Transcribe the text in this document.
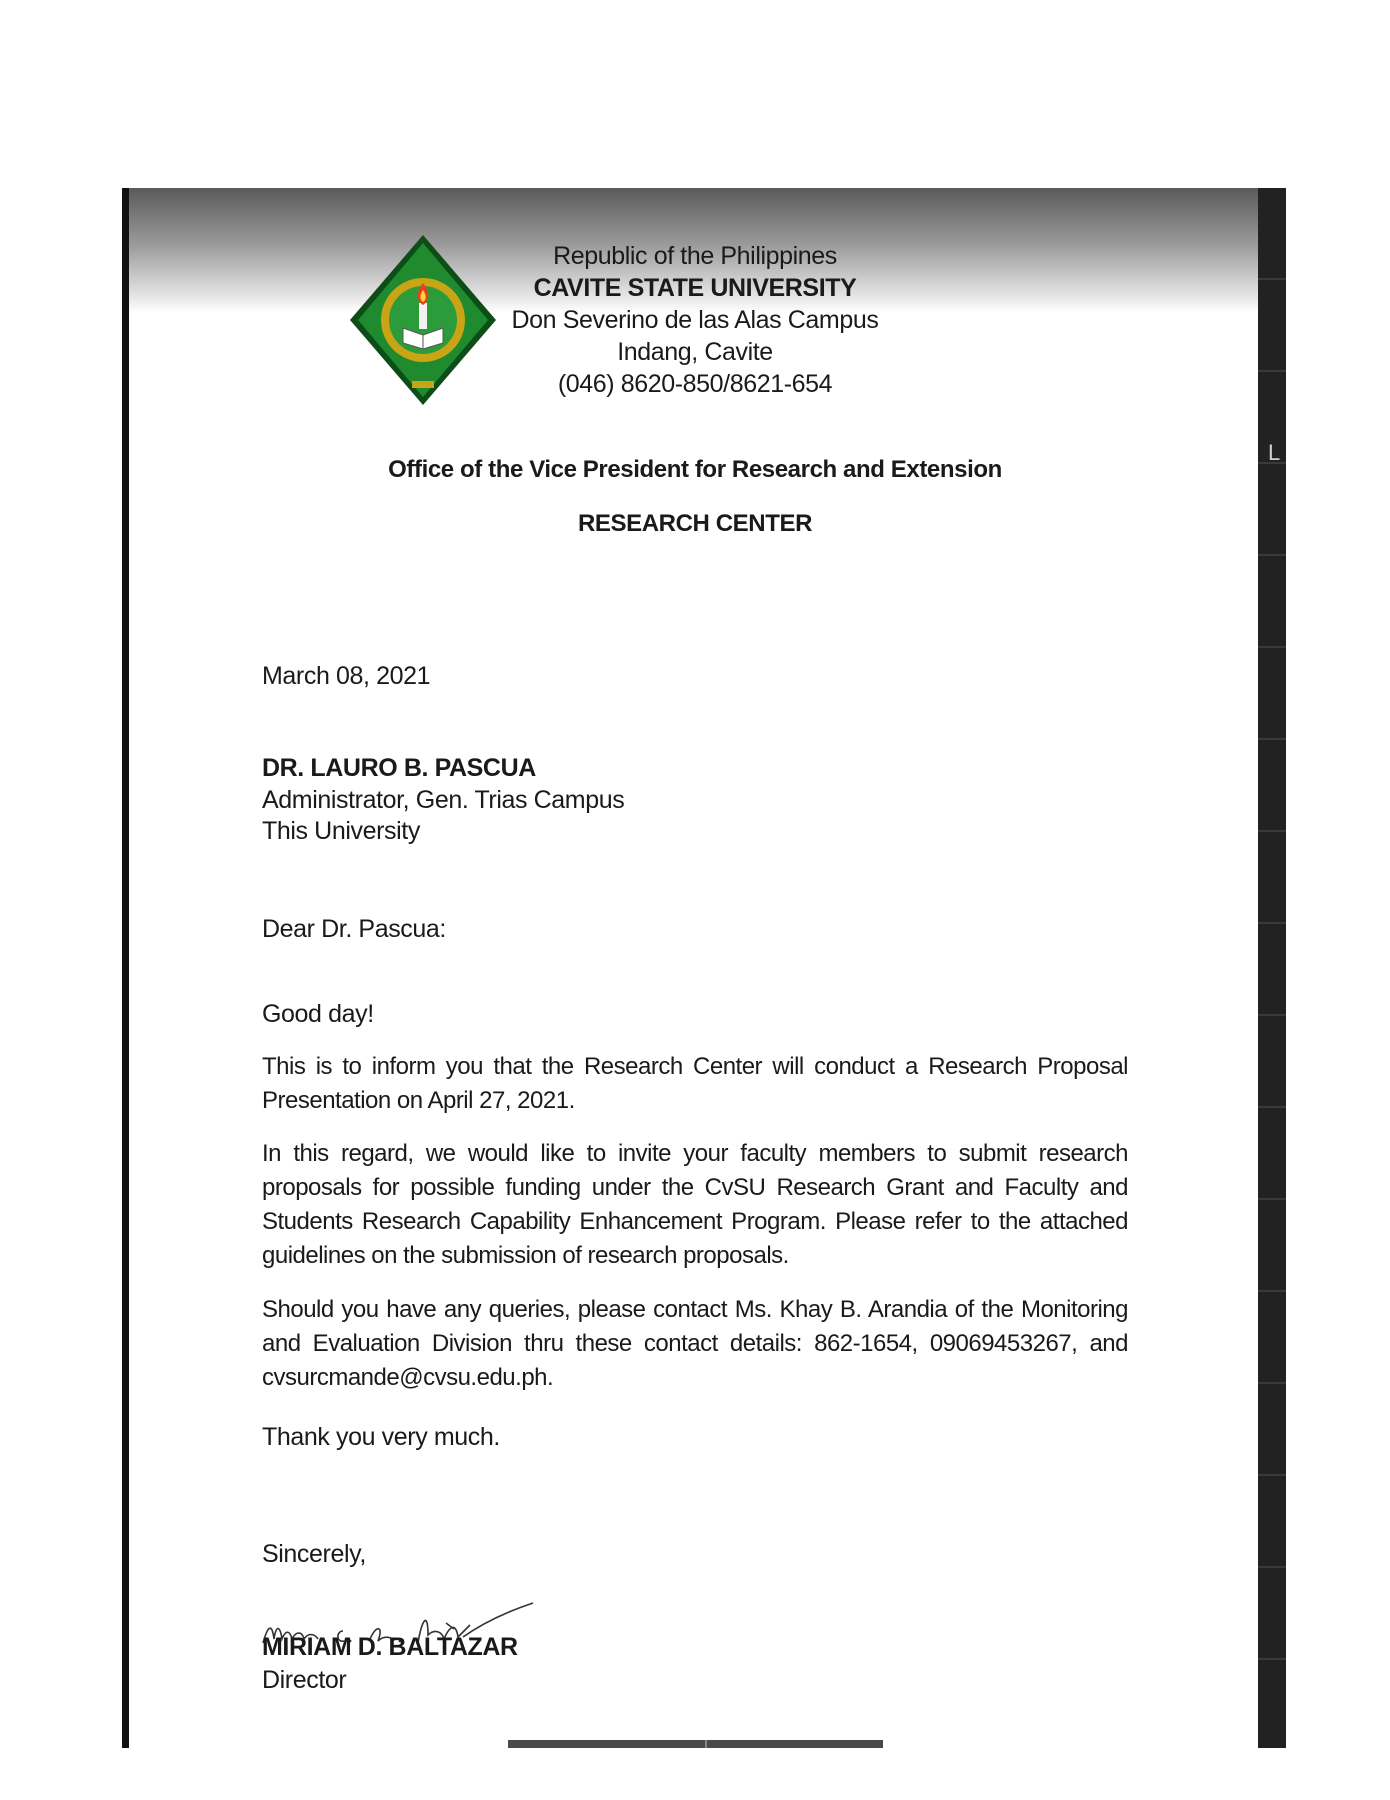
L
Republic of the Philippines
CAVITE STATE UNIVERSITY
Don Severino de las Alas Campus
Indang, Cavite
(046) 8620-850/8621-654
Office of the Vice President for Research and Extension
RESEARCH CENTER
March 08, 2021
DR. LAURO B. PASCUA
Administrator, Gen. Trias Campus
This University
Dear Dr. Pascua:
Good day!
This is to inform you that the Research Center will conduct a Research Proposal Presentation on April 27, 2021.
In this regard, we would like to invite your faculty members to submit research proposals for possible funding under the CvSU Research Grant and Faculty and Students Research Capability Enhancement Program. Please refer to the attached guidelines on the submission of research proposals.
Should you have any queries, please contact Ms. Khay B. Arandia of the Monitoring and Evaluation Division thru these contact details: 862-1654, 09069453267, and cvsurcmande@cvsu.edu.ph.
Thank you very much.
Sincerely,
MIRIAM D. BALTAZAR
Director
